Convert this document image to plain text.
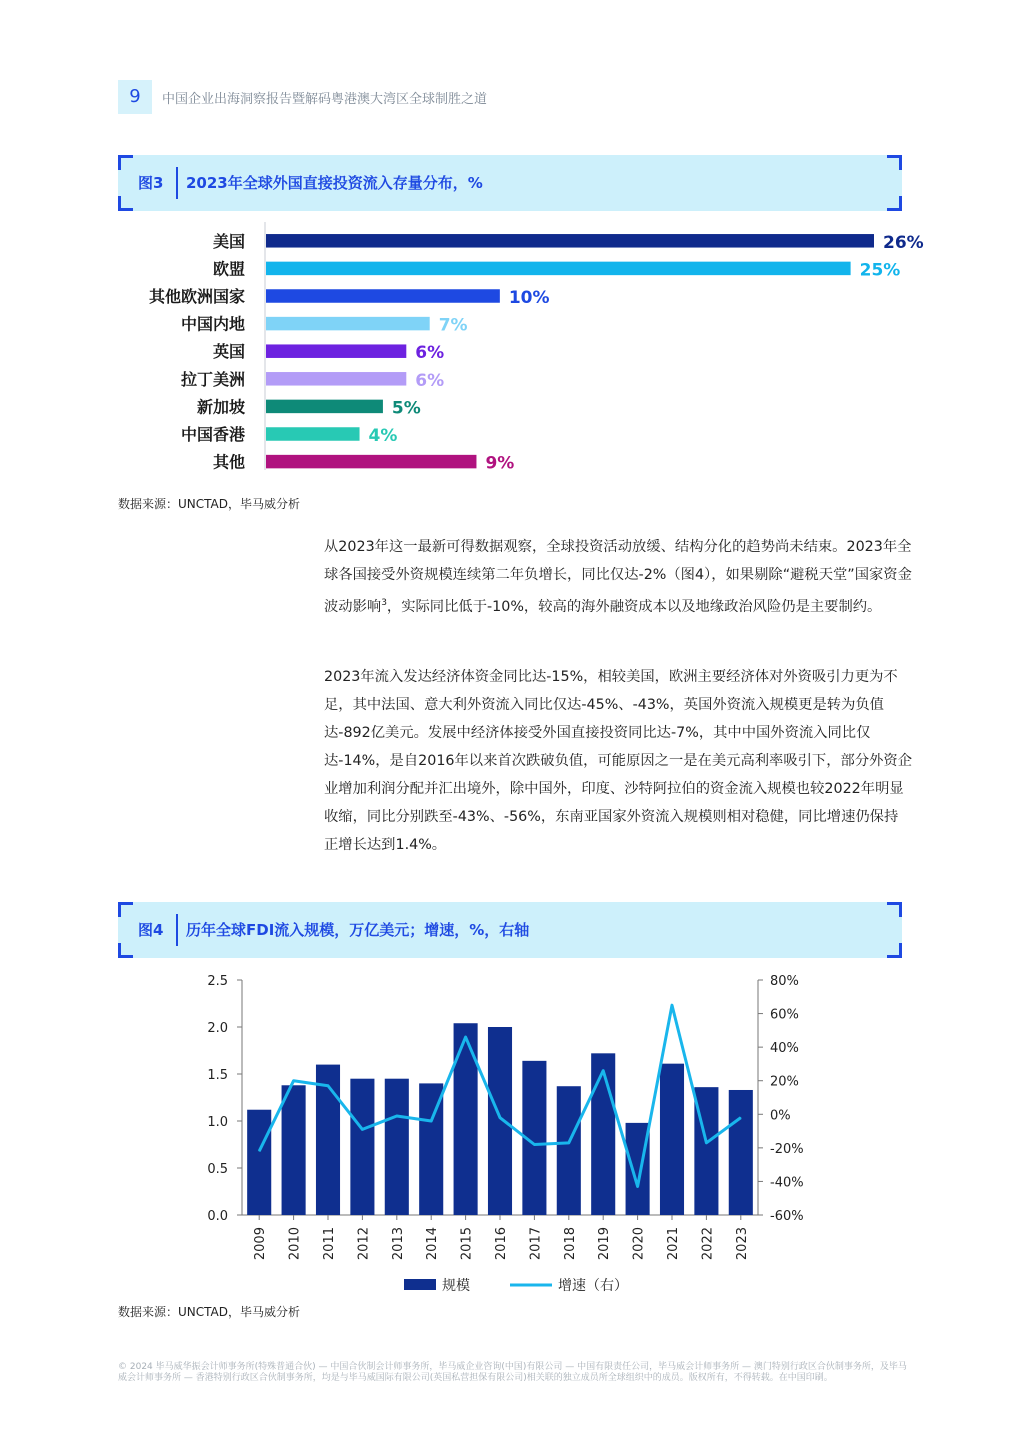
9	中国企业出海洞察报告暨解码粤港澳大湾区全球制胜之道
图3 2023年全球外国直接投资流入存量分布，%
美国	26%
欧盟	25%
其他欧洲国家	10%
中国内地	7%
英国	6%
拉丁美洲	6%
新加坡	5%
中国香港	4%
其他	9%
数据来源：UNCTAD，毕马威分析

从2023年这一最新可得数据观察，全球投资活动放缓、结构分化的趋势尚未结束。2023年全球各国接受外资规模连续第二年负增长，同比仅达-2%（图4），如果剔除“避税天堂”国家资金波动影响$^3$，实际同比低于-10%，较高的海外融资成本以及地缘政治风险仍是主要制约。

2023年流入发达经济体资金同比达-15%，相较美国，欧洲主要经济体对外资吸引力更为不足，其中法国、意大利外资流入同比仅达-45%、-43%，英国外资流入规模更是转为负值达-892亿美元。发展中经济体接受外国直接投资同比达-7%，其中中国外资流入同比仅达-14%，是自2016年以来首次跌破负值，可能原因之一是在美元高利率吸引下，部分外资企业增加利润分配并汇出境外，除中国外，印度、沙特阿拉伯的资金流入规模也较2022年明显收缩，同比分别跌至-43%、-56%，东南亚国家外资流入规模则相对稳健，同比增速仍保持正增长达到1.4%。

图4 历年全球FDI流入规模，万亿美元；增速，%，右轴
0.0
0.5
1.0
1.5
2.0
2.5
-60%
-40%
-20%
0%
20%
40%
60%
80%
2009 2010 2011 2012 2013 2014 2015 2016 2017 2018 2019 2020 2021 2022 2023
规模	增速（右）
数据来源：UNCTAD，毕马威分析
© 2024 毕马威华振会计师事务所(特殊普通合伙) — 中国合伙制会计师事务所，毕马威企业咨询(中国)有限公司 — 中国有限责任公司，毕马威会计师事务所 — 澳门特别行政区合伙制事务所，及毕马威会计师事务所 — 香港特别行政区合伙制事务所，均是与毕马威国际有限公司(英国私营担保有限公司)相关联的独立成员所全球组织中的成员。版权所有，不得转载。在中国印刷。
